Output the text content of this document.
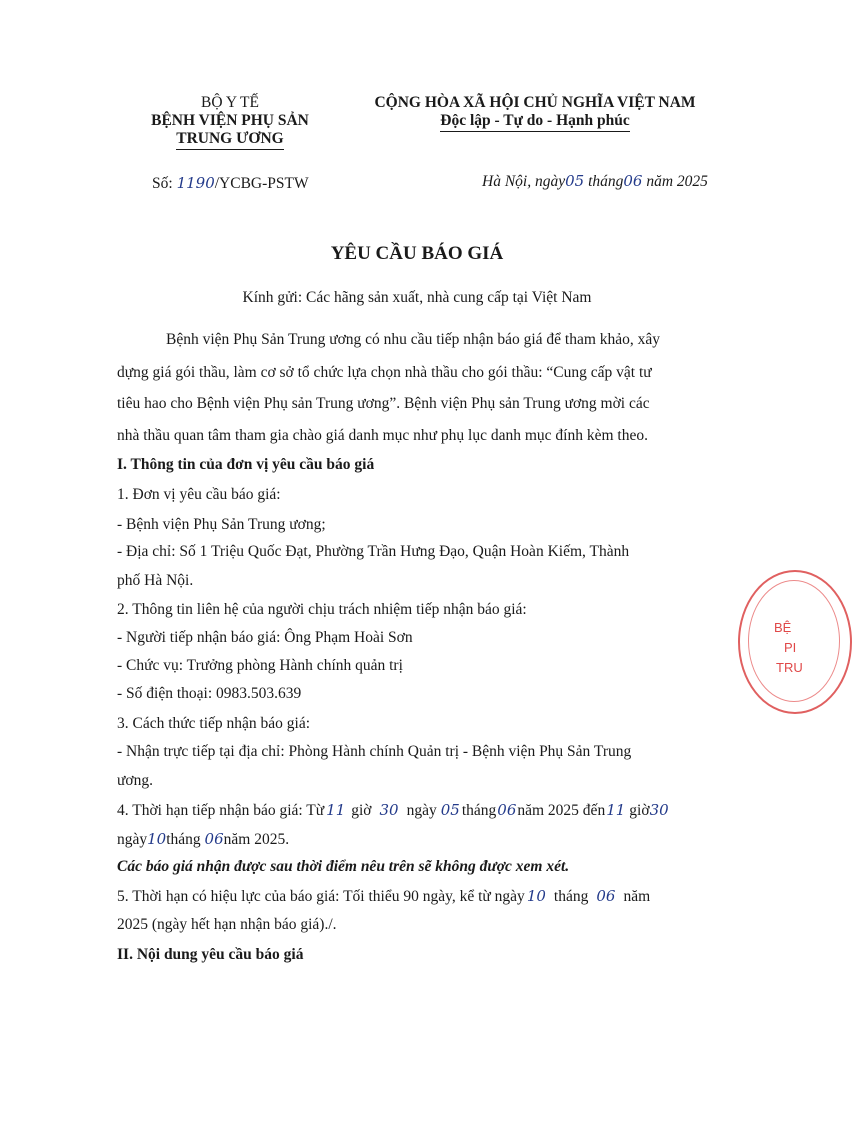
BỘ Y TẾ
BỆNH VIỆN PHỤ SẢN
TRUNG ƯƠNG
CỘNG HÒA XÃ HỘI CHỦ NGHĨA VIỆT NAM
Độc lập - Tự do - Hạnh phúc
Số: 1190/YCBG-PSTW	Hà Nội, ngày05 tháng06 năm 2025
YÊU CẦU BÁO GIÁ
Kính gửi: Các hãng sản xuất, nhà cung cấp tại Việt Nam
Bệnh viện Phụ Sản Trung ương có nhu cầu tiếp nhận báo giá để tham khảo, xây
dựng giá gói thầu, làm cơ sở tổ chức lựa chọn nhà thầu cho gói thầu: “Cung cấp vật tư
tiêu hao cho Bệnh viện Phụ sản Trung ương”. Bệnh viện Phụ sản Trung ương mời các
nhà thầu quan tâm tham gia chào giá danh mục như phụ lục danh mục đính kèm theo.
I. Thông tin của đơn vị yêu cầu báo giá
1. Đơn vị yêu cầu báo giá:
- Bệnh viện Phụ Sản Trung ương;
- Địa chỉ: Số 1 Triệu Quốc Đạt, Phường Trần Hưng Đạo, Quận Hoàn Kiếm, Thành
phố Hà Nội.
2. Thông tin liên hệ của người chịu trách nhiệm tiếp nhận báo giá:
- Người tiếp nhận báo giá: Ông Phạm Hoài Sơn
- Chức vụ: Trưởng phòng Hành chính quản trị
- Số điện thoại: 0983.503.639
3. Cách thức tiếp nhận báo giá:
- Nhận trực tiếp tại địa chỉ: Phòng Hành chính Quản trị - Bệnh viện Phụ Sản Trung
ương.
4. Thời hạn tiếp nhận báo giá: Từ 11 giờ 30 ngày 05 tháng06năm 2025 đến11 giờ30
ngày10tháng 06năm 2025.
Các báo giá nhận được sau thời điểm nêu trên sẽ không được xem xét.
5. Thời hạn có hiệu lực của báo giá: Tối thiểu 90 ngày, kể từ ngày 10 tháng 06 năm
2025 (ngày hết hạn nhận báo giá)./.
II. Nội dung yêu cầu báo giá
BỆ
PI
TRU
